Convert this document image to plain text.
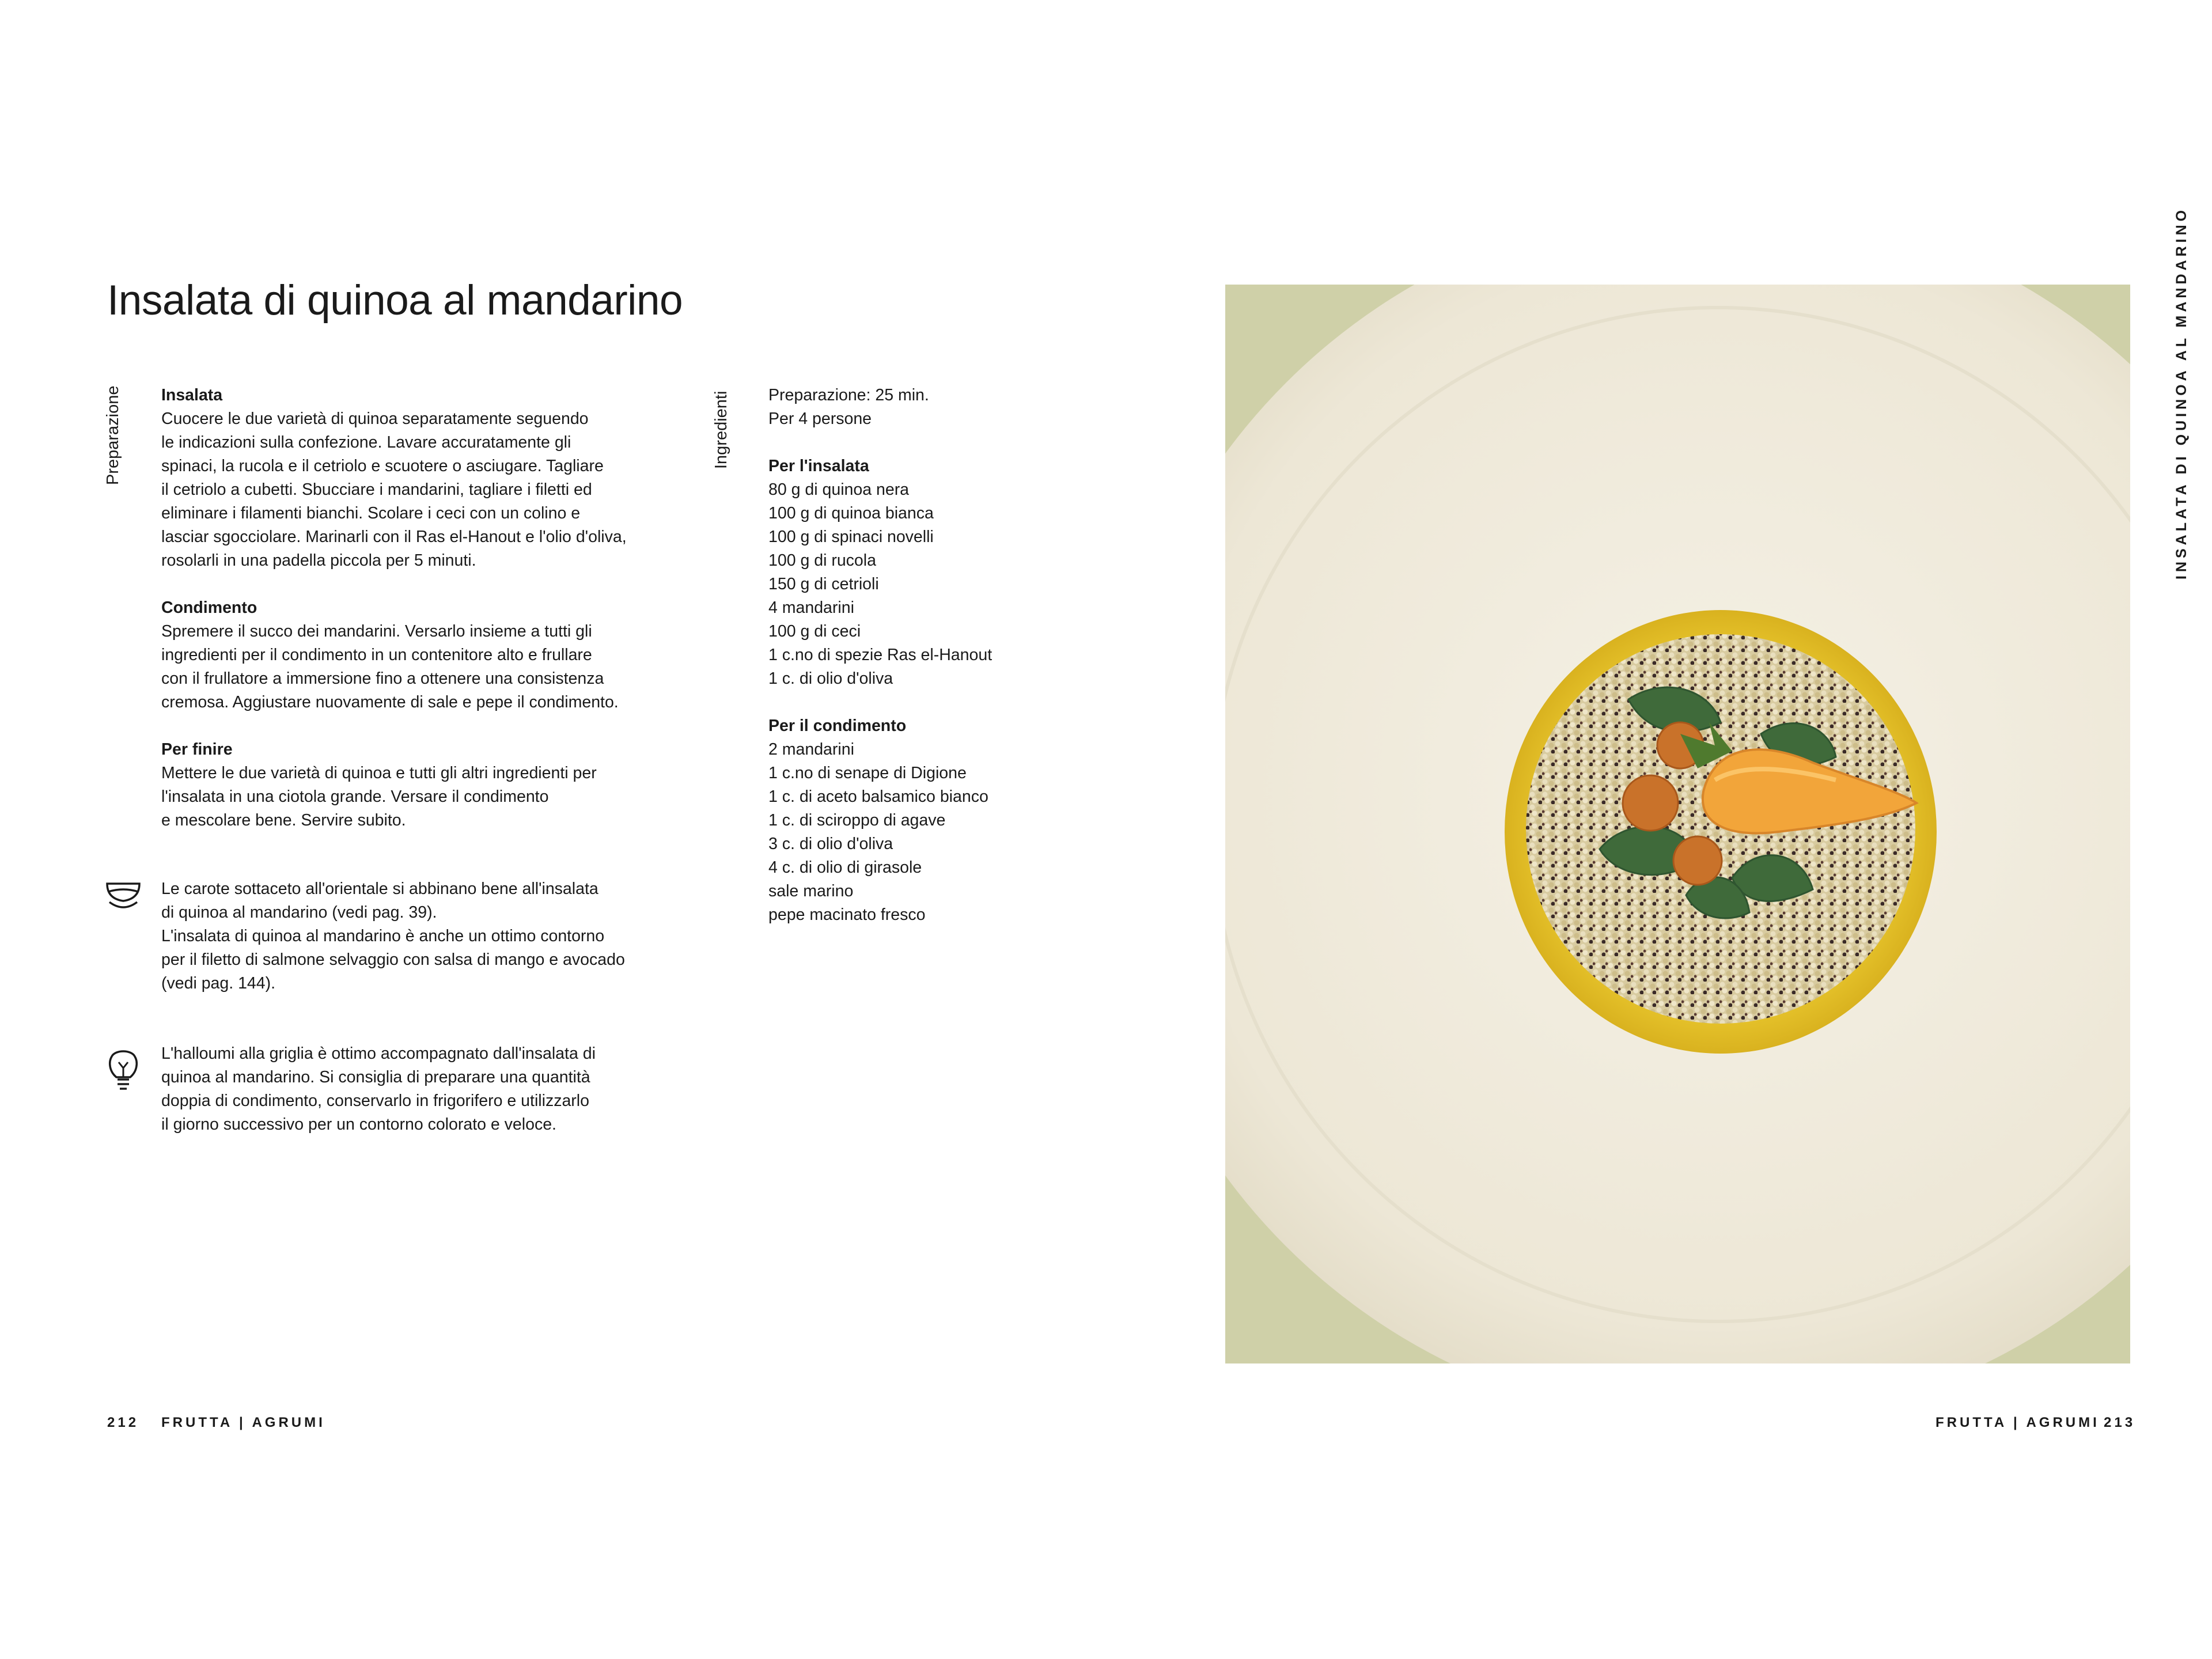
Insalata di quinoa al mandarino
Preparazione Insalata
Cuocere le due varietà di quinoa separatamente seguendo
le indicazioni sulla confezione. Lavare accuratamente gli
spinaci, la rucola e il cetriolo e scuotere o asciugare. Tagliare
il cetriolo a cubetti. Sbucciare i mandarini, tagliare i filetti ed
eliminare i filamenti bianchi. Scolare i ceci con un colino e
lasciar sgocciolare. Marinarli con il Ras el-Hanout e l'olio d'oliva,
rosolarli in una padella piccola per 5 minuti.
Condimento
Spremere il succo dei mandarini. Versarlo insieme a tutti gli
ingredienti per il condimento in un contenitore alto e frullare
con il frullatore a immersione fino a ottenere una consistenza
cremosa. Aggiustare nuovamente di sale e pepe il condimento.
Per finire
Mettere le due varietà di quinoa e tutti gli altri ingredienti per
l'insalata in una ciotola grande. Versare il condimento
e mescolare bene. Servire subito.
Le carote sottaceto all'orientale si abbinano bene all'insalata
di quinoa al mandarino (vedi pag. 39).
L'insalata di quinoa al mandarino è anche un ottimo contorno
per il filetto di salmone selvaggio con salsa di mango e avocado
(vedi pag. 144).
L'halloumi alla griglia è ottimo accompagnato dall'insalata di
quinoa al mandarino. Si consiglia di preparare una quantità
doppia di condimento, conservarlo in frigorifero e utilizzarlo
il giorno successivo per un contorno colorato e veloce.
Ingredienti Preparazione: 25 min.
Per 4 persone
Per l'insalata
80 g di quinoa nera
100 g di quinoa bianca
100 g di spinaci novelli
100 g di rucola
150 g di cetrioli
4 mandarini
100 g di ceci
1 c.no di spezie Ras el-Hanout
1 c. di olio d'oliva
Per il condimento
2 mandarini
1 c.no di senape di Digione
1 c. di aceto balsamico bianco
1 c. di sciroppo di agave
3 c. di olio d'oliva
4 c. di olio di girasole
sale marino
pepe macinato fresco
INSALATA DI QUINOA AL MANDARINO
212 FRUTTA | AGRUMI	FRUTTA | AGRUMI 213
